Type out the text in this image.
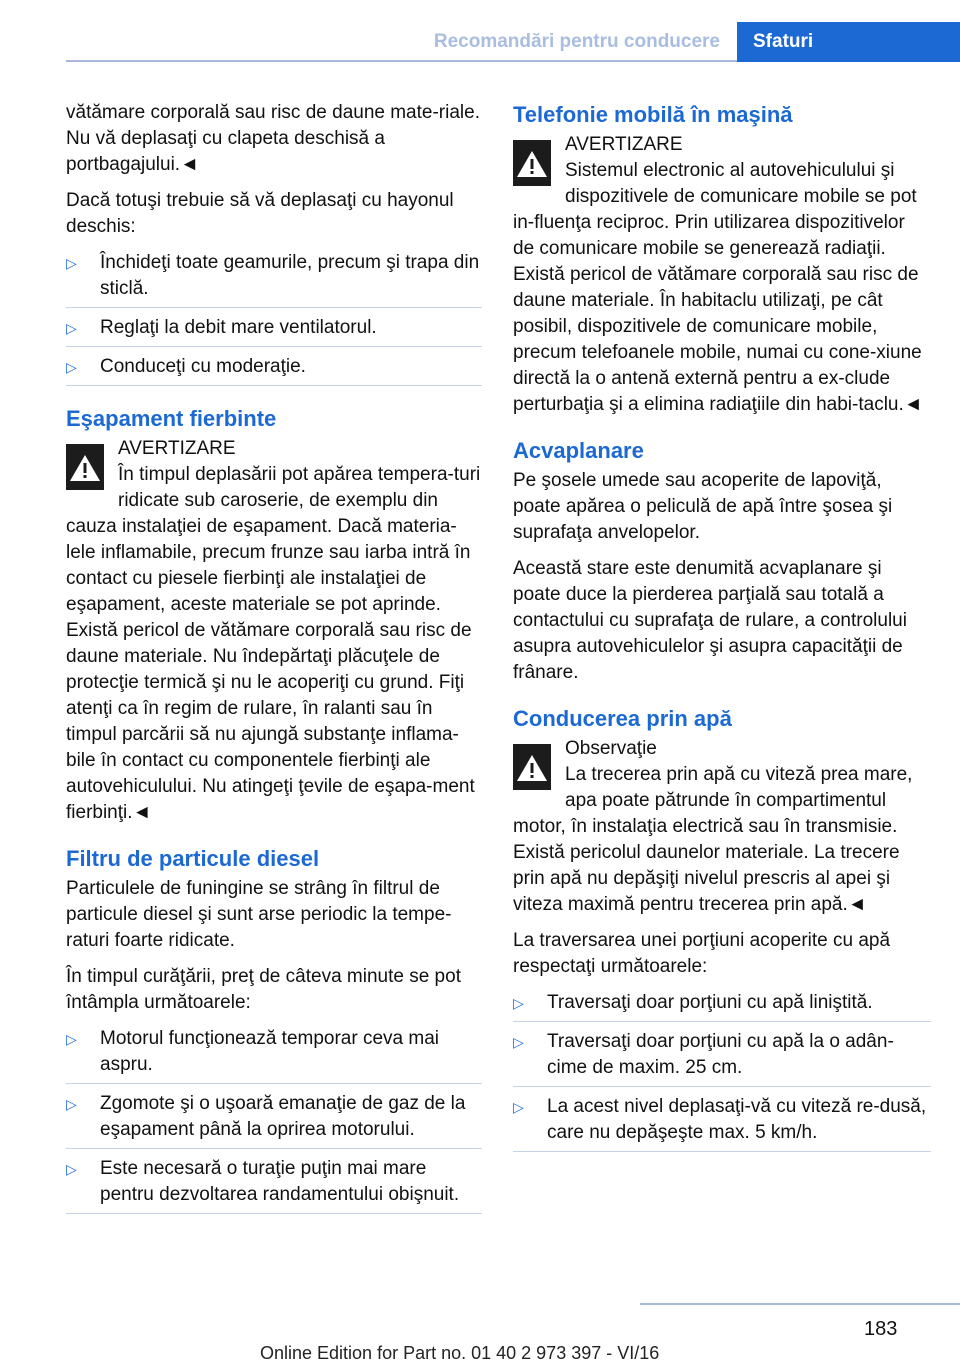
Recomandări pentru conducere	Sfaturi

vătămare corporală sau risc de daune mate-riale. Nu vă deplasaţi cu clapeta deschisă a portbagajului.◄

Dacă totuşi trebuie să vă deplasaţi cu hayonul deschis:

▷ Închideţi toate geamurile, precum şi trapa din sticlă.
▷ Reglaţi la debit mare ventilatorul.
▷ Conduceţi cu moderaţie.
Eşapament fierbinte
AVERTIZARE
În timpul deplasării pot apărea tempera-turi ridicate sub caroserie, de exemplu din cauza instalaţiei de eşapament. Dacă materia-lele inflamabile, precum frunze sau iarba intră în contact cu piesele fierbinţi ale instalaţiei de eşapament, aceste materiale se pot aprinde. Există pericol de vătămare corporală sau risc de daune materiale. Nu îndepărtaţi plăcuţele de protecţie termică şi nu le acoperiţi cu grund. Fiţi atenţi ca în regim de rulare, în ralanti sau în timpul parcării să nu ajungă substanţe inflama-bile în contact cu componentele fierbinţi ale autovehiculului. Nu atingeţi ţevile de eşapa-ment fierbinţi.◄
Filtru de particule diesel

Particulele de funingine se strâng în filtrul de particule diesel şi sunt arse periodic la tempe-raturi foarte ridicate.

În timpul curăţării, preţ de câteva minute se pot întâmpla următoarele:

▷ Motorul funcţionează temporar ceva mai aspru.
▷ Zgomote şi o uşoară emanaţie de gaz de la eşapament până la oprirea motorului.
▷ Este necesară o turaţie puţin mai mare pentru dezvoltarea randamentului obişnuit.
Telefonie mobilă în maşină
AVERTIZARE
Sistemul electronic al autovehiculului şi dispozitivele de comunicare mobile se pot in-fluenţa reciproc. Prin utilizarea dispozitivelor de comunicare mobile se generează radiaţii. Există pericol de vătămare corporală sau risc de daune materiale. În habitaclu utilizaţi, pe cât posibil, dispozitivele de comunicare mobile, precum telefoanele mobile, numai cu cone-xiune directă la o antenă externă pentru a ex-clude perturbaţia şi a elimina radiaţiile din habi-taclu.◄
Acvaplanare

Pe şosele umede sau acoperite de lapoviţă, poate apărea o peliculă de apă între şosea şi suprafaţa anvelopelor.

Această stare este denumită acvaplanare şi poate duce la pierderea parţială sau totală a contactului cu suprafaţa de rulare, a controlului asupra autovehiculelor şi asupra capacităţii de frânare.

Conducerea prin apă
Observaţie
La trecerea prin apă cu viteză prea mare, apa poate pătrunde în compartimentul motor, în instalaţia electrică sau în transmisie. Există pericolul daunelor materiale. La trecere prin apă nu depăşiţi nivelul prescris al apei şi viteza maximă pentru trecerea prin apă.◄

La traversarea unei porţiuni acoperite cu apă respectaţi următoarele:

▷ Traversaţi doar porţiuni cu apă liniştită.
▷ Traversaţi doar porţiuni cu apă la o adân-cime de maxim. 25 cm.
▷ La acest nivel deplasaţi-vă cu viteză re-dusă, care nu depăşeşte max. 5 km/h.
183
Online Edition for Part no. 01 40 2 973 397 - VI/16
